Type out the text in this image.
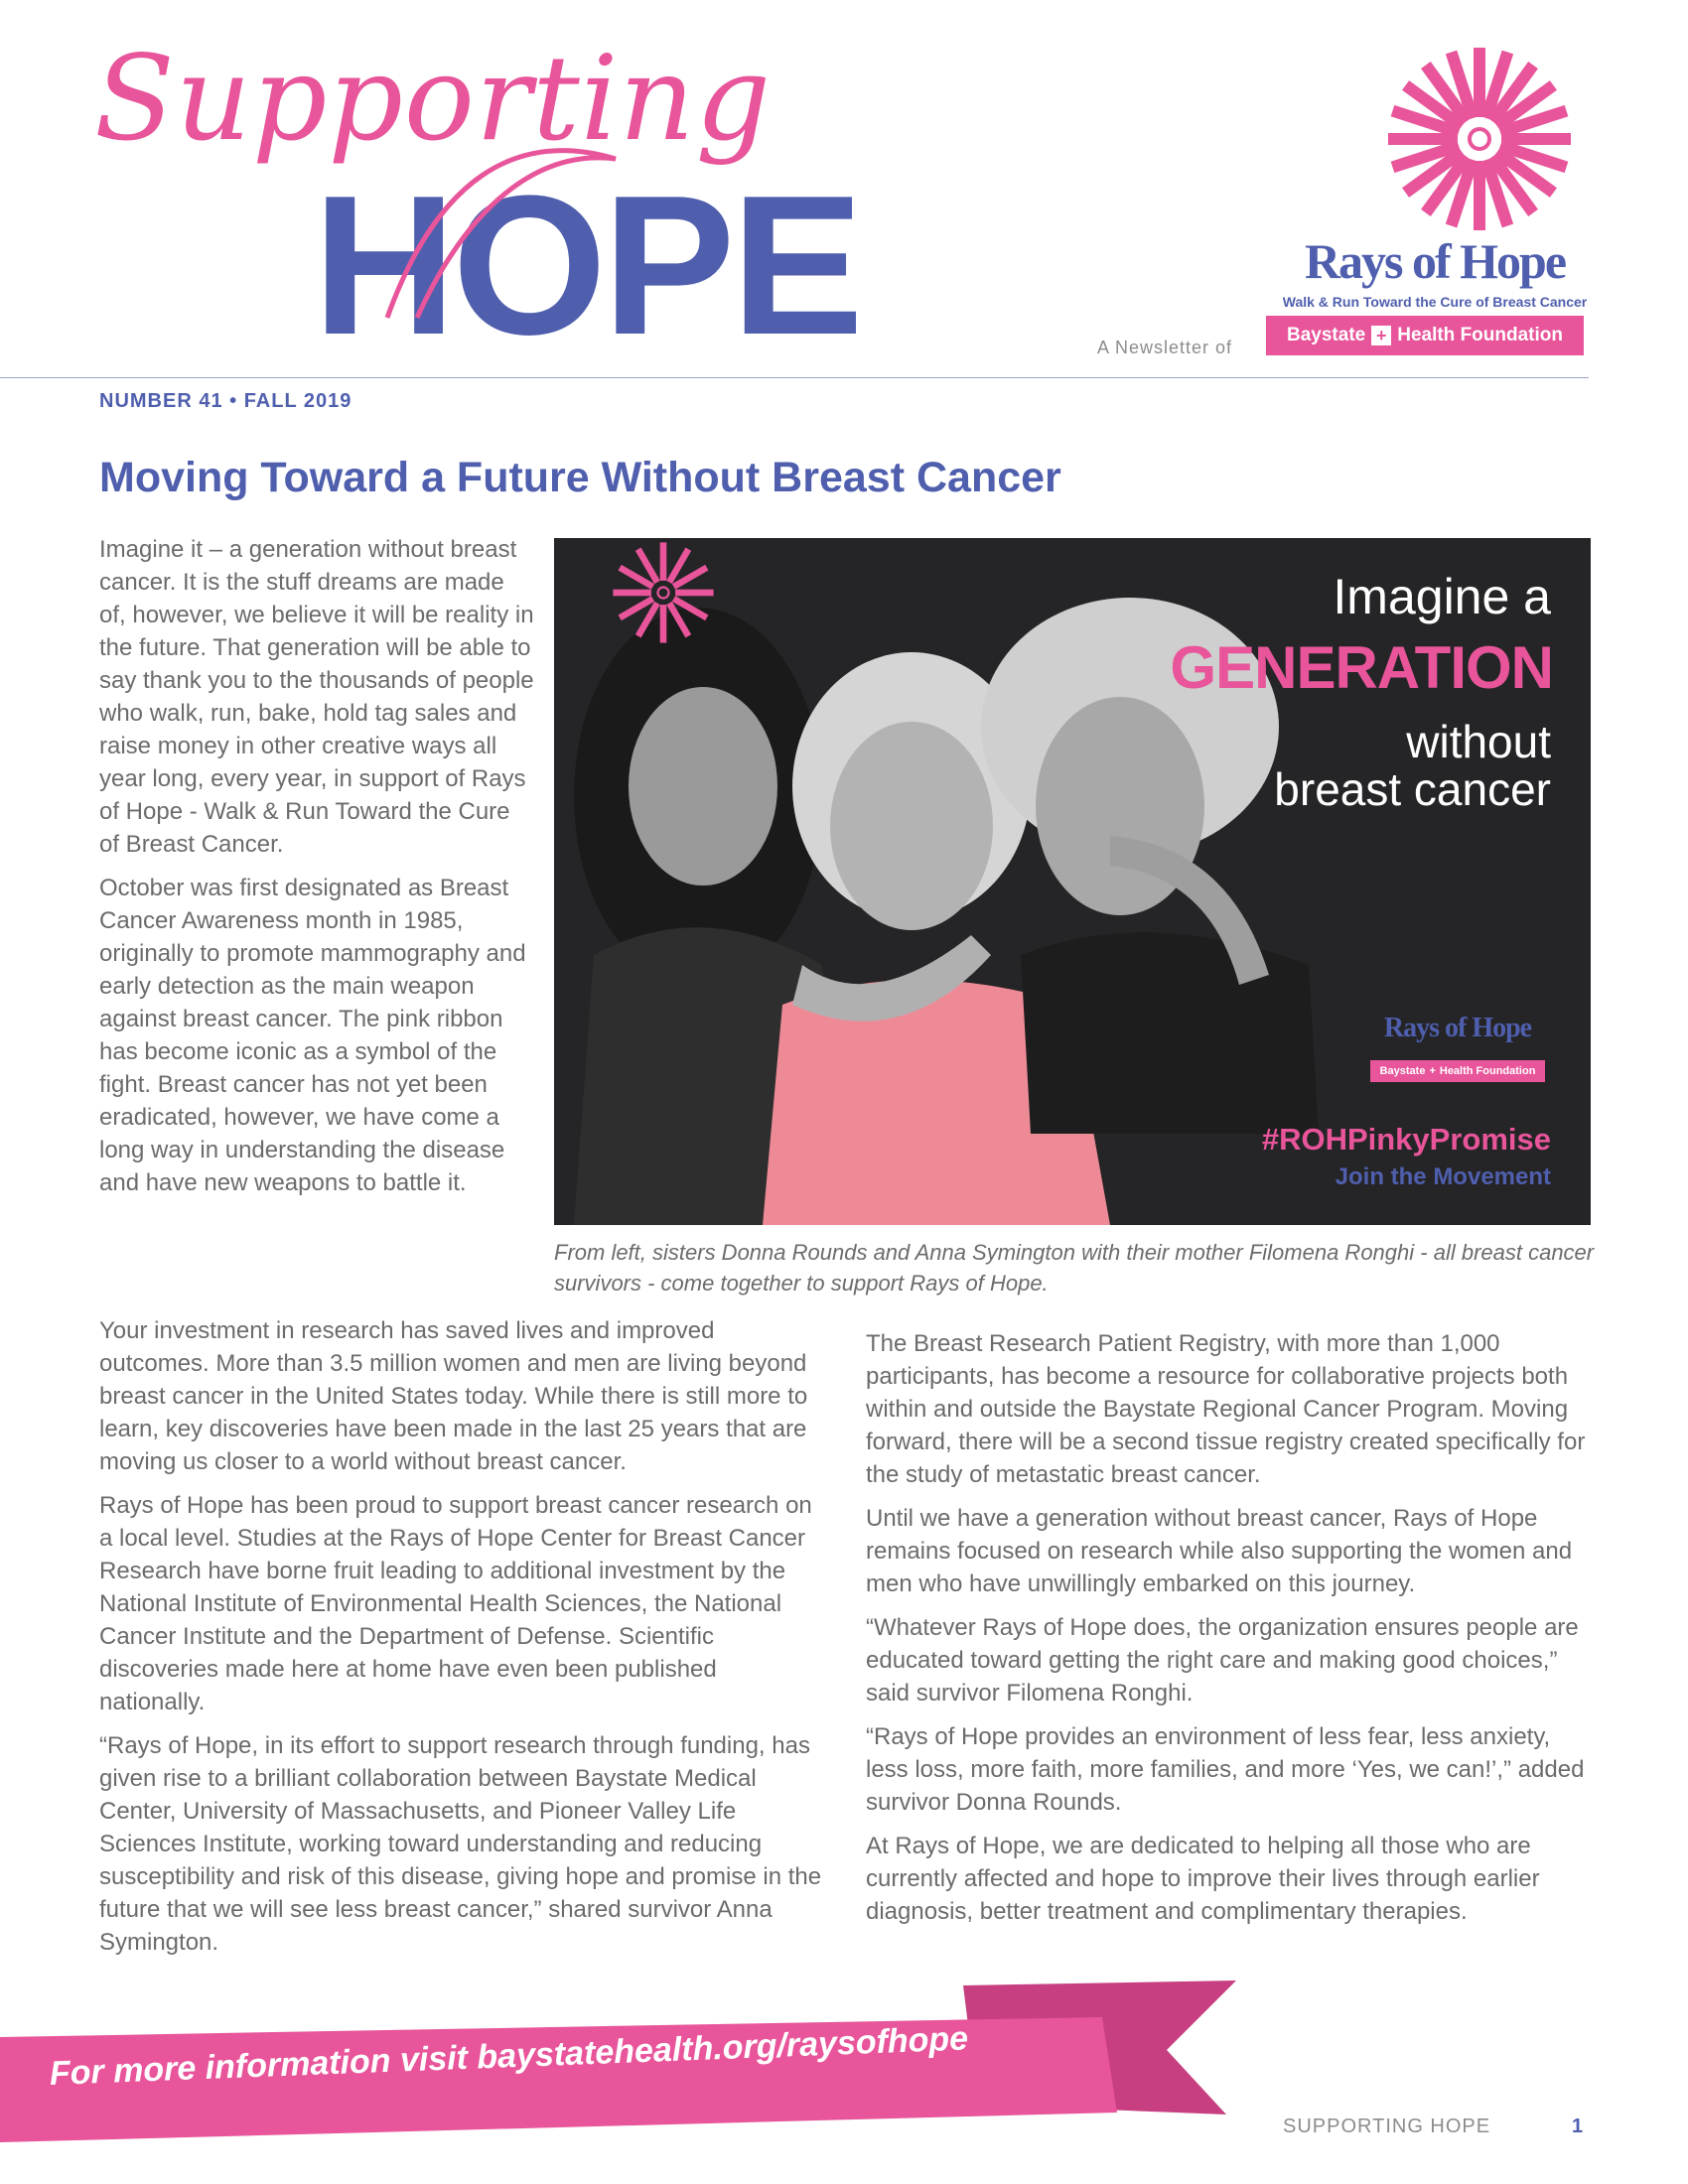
Supporting
HOPE	A Newsletter of
Rays of Hope
Walk & Run Toward the Cure of Breast Cancer
Baystate + Health Foundation
NUMBER 41 • FALL 2019
Moving Toward a Future Without Breast Cancer

Imagine it – a generation without breast cancer. It is the stuff dreams are made of, however, we believe it will be reality in the future. That generation will be able to say thank you to the thousands of people who walk, run, bake, hold tag sales and raise money in other creative ways all year long, every year, in support of Rays of Hope - Walk & Run Toward the Cure of Breast Cancer.

October was first designated as Breast Cancer Awareness month in 1985, originally to promote mammography and early detection as the main weapon against breast cancer. The pink ribbon has become iconic as a symbol of the fight. Breast cancer has not yet been eradicated, however, we have come a long way in understanding the disease and have new weapons to battle it.

Imagine a
GENERATION
without
breast cancer
Rays of Hope
Baystate + Health Foundation
#ROHPinkyPromise
Join the Movement
From left, sisters Donna Rounds and Anna Symington with their mother Filomena Ronghi - all breast cancer survivors - come together to support Rays of Hope.

Your investment in research has saved lives and improved outcomes. More than 3.5 million women and men are living beyond breast cancer in the United States today. While there is still more to learn, key discoveries have been made in the last 25 years that are moving us closer to a world without breast cancer.

Rays of Hope has been proud to support breast cancer research on a local level. Studies at the Rays of Hope Center for Breast Cancer Research have borne fruit leading to additional investment by the National Institute of Environmental Health Sciences, the National Cancer Institute and the Department of Defense. Scientific discoveries made here at home have even been published nationally.

“Rays of Hope, in its effort to support research through funding, has given rise to a brilliant collaboration between Baystate Medical Center, University of Massachusetts, and Pioneer Valley Life Sciences Institute, working toward understanding and reducing susceptibility and risk of this disease, giving hope and promise in the future that we will see less breast cancer,” shared survivor Anna Symington.

The Breast Research Patient Registry, with more than 1,000 participants, has become a resource for collaborative projects both within and outside the Baystate Regional Cancer Program. Moving forward, there will be a second tissue registry created specifically for the study of metastatic breast cancer.

Until we have a generation without breast cancer, Rays of Hope remains focused on research while also supporting the women and men who have unwillingly embarked on this journey.

“Whatever Rays of Hope does, the organization ensures people are educated toward getting the right care and making good choices,” said survivor Filomena Ronghi.

“Rays of Hope provides an environment of less fear, less anxiety, less loss, more faith, more families, and more ‘Yes, we can!’,” added survivor Donna Rounds.

At Rays of Hope, we are dedicated to helping all those who are currently affected and hope to improve their lives through earlier diagnosis, better treatment and complimentary therapies.

For more information visit baystatehealth.org/raysofhope
SUPPORTING HOPE	1
